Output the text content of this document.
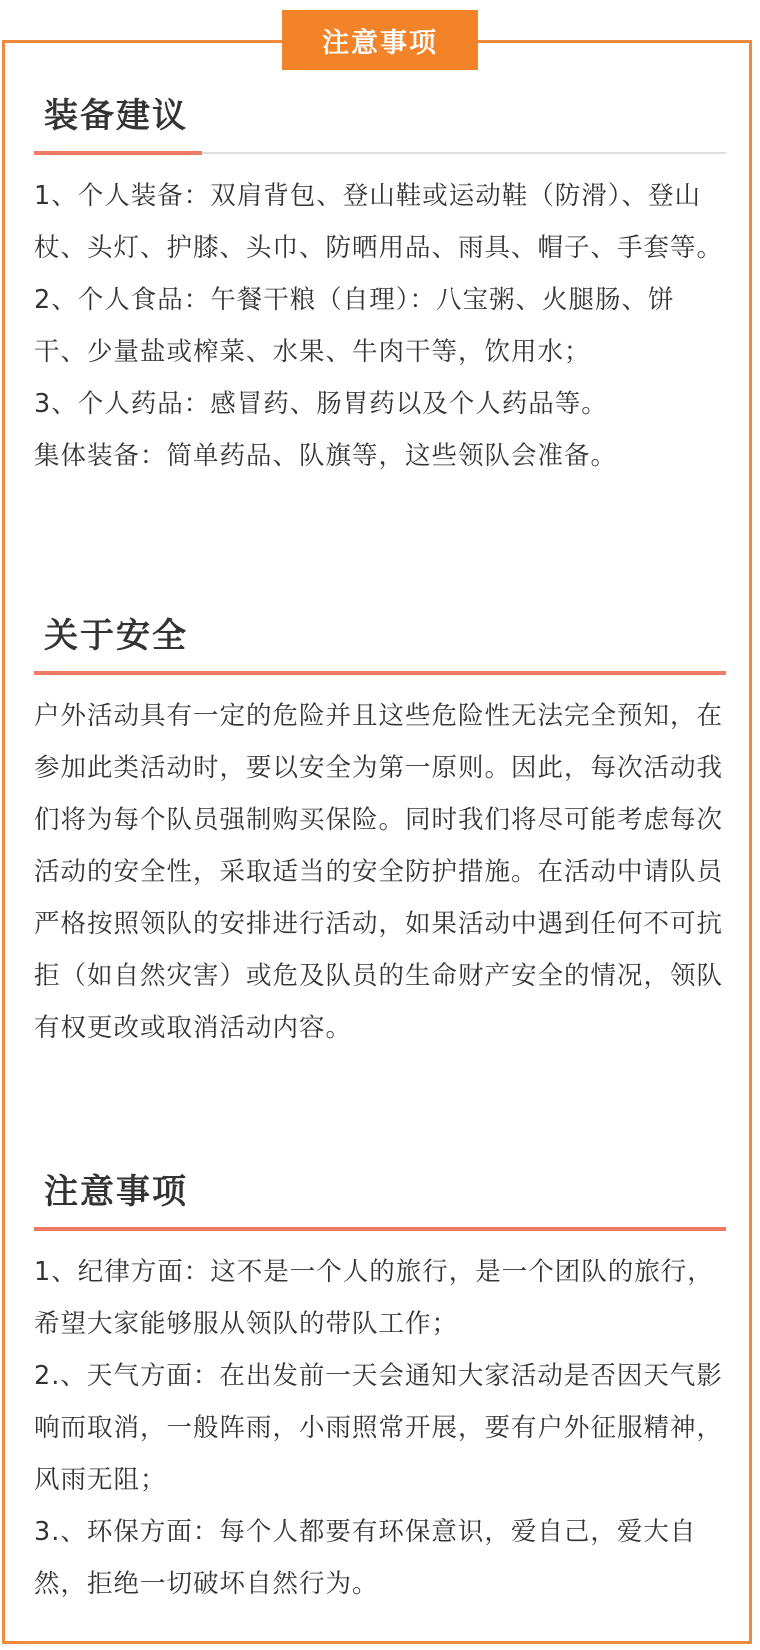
注意事项
装备建议

1、个人装备：双肩背包、登山鞋或运动鞋（防滑）、登山杖、头灯、护膝、头巾、防晒用品、雨具、帽子、手套等。

2、个人食品：午餐干粮（自理）：八宝粥、火腿肠、饼干、少量盐或榨菜、水果、牛肉干等，饮用水；

3、个人药品：感冒药、肠胃药以及个人药品等。

集体装备：简单药品、队旗等，这些领队会准备。

关于安全

户外活动具有一定的危险并且这些危险性无法完全预知，在参加此类活动时，要以安全为第一原则。因此，每次活动我们将为每个队员强制购买保险。同时我们将尽可能考虑每次活动的安全性，采取适当的安全防护措施。在活动中请队员严格按照领队的安排进行活动，如果活动中遇到任何不可抗拒（如自然灾害）或危及队员的生命财产安全的情况，领队有权更改或取消活动内容。

注意事项

1、纪律方面：这不是一个人的旅行，是一个团队的旅行，希望大家能够服从领队的带队工作；

2.、天气方面：在出发前一天会通知大家活动是否因天气影响而取消，一般阵雨，小雨照常开展，要有户外征服精神，风雨无阻；

3.、环保方面：每个人都要有环保意识，爱自己，爱大自然，拒绝一切破坏自然行为。
